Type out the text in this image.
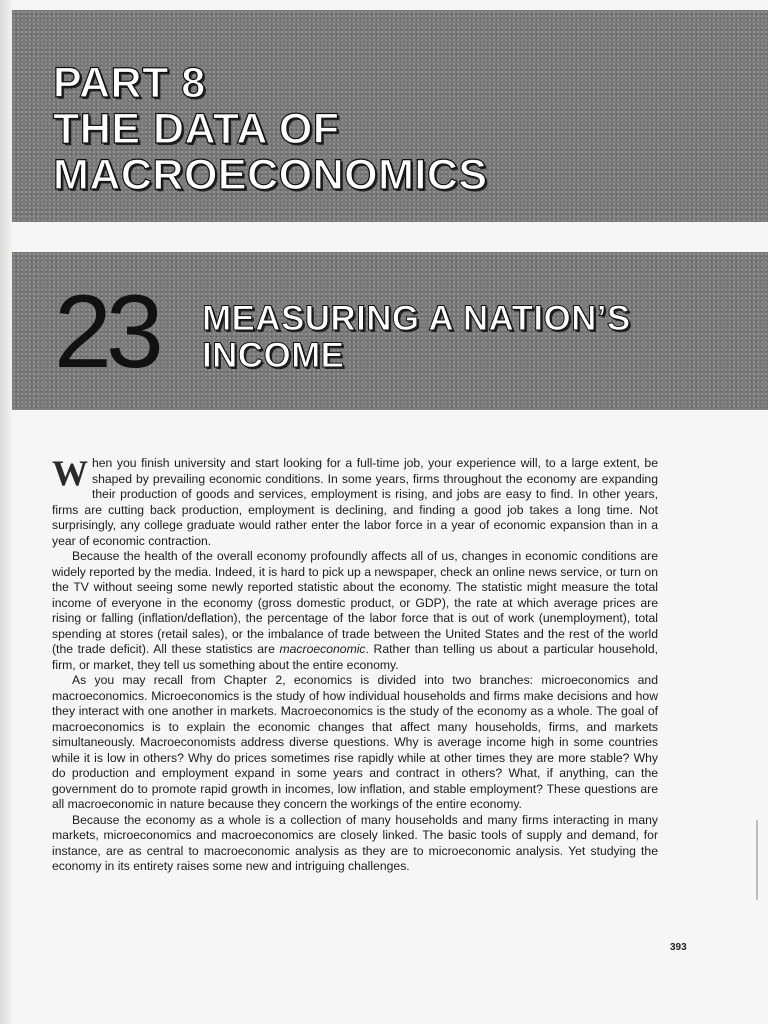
PART 8
THE DATA OF
MACROECONOMICS
23 MEASURING A NATION’S
INCOME

When you finish university and start looking for a full-time job, your experience will, to a large extent, be shaped by prevailing economic conditions. In some years, firms throughout the economy are expanding their production of goods and services, employment is rising, and jobs are easy to find. In other years, firms are cutting back production, employment is declining, and finding a good job takes a long time. Not surprisingly, any college graduate would rather enter the labor force in a year of economic expansion than in a year of economic contraction.

Because the health of the overall economy profoundly affects all of us, changes in economic conditions are widely reported by the media. Indeed, it is hard to pick up a newspaper, check an online news service, or turn on the TV without seeing some newly reported statistic about the economy. The statistic might measure the total income of everyone in the economy (gross domestic product, or GDP), the rate at which average prices are rising or falling (inflation/deflation), the percentage of the labor force that is out of work (unemployment), total spending at stores (retail sales), or the imbalance of trade between the United States and the rest of the world (the trade deficit). All these statistics are macroeconomic. Rather than telling us about a particular household, firm, or market, they tell us something about the entire economy.

As you may recall from Chapter 2, economics is divided into two branches: microeconomics and macroeconomics. Microeconomics is the study of how individual households and firms make decisions and how they interact with one another in markets. Macroeconomics is the study of the economy as a whole. The goal of macroeconomics is to explain the economic changes that affect many households, firms, and markets simultaneously. Macroeconomists address diverse questions. Why is average income high in some countries while it is low in others? Why do prices sometimes rise rapidly while at other times they are more stable? Why do production and employment expand in some years and contract in others? What, if anything, can the government do to promote rapid growth in incomes, low inflation, and stable employment? These questions are all macroeconomic in nature because they concern the workings of the entire economy.

Because the economy as a whole is a collection of many households and many firms interacting in many markets, microeconomics and macroeconomics are closely linked. The basic tools of supply and demand, for instance, are as central to macroeconomic analysis as they are to microeconomic analysis. Yet studying the economy in its entirety raises some new and intriguing challenges.

393
